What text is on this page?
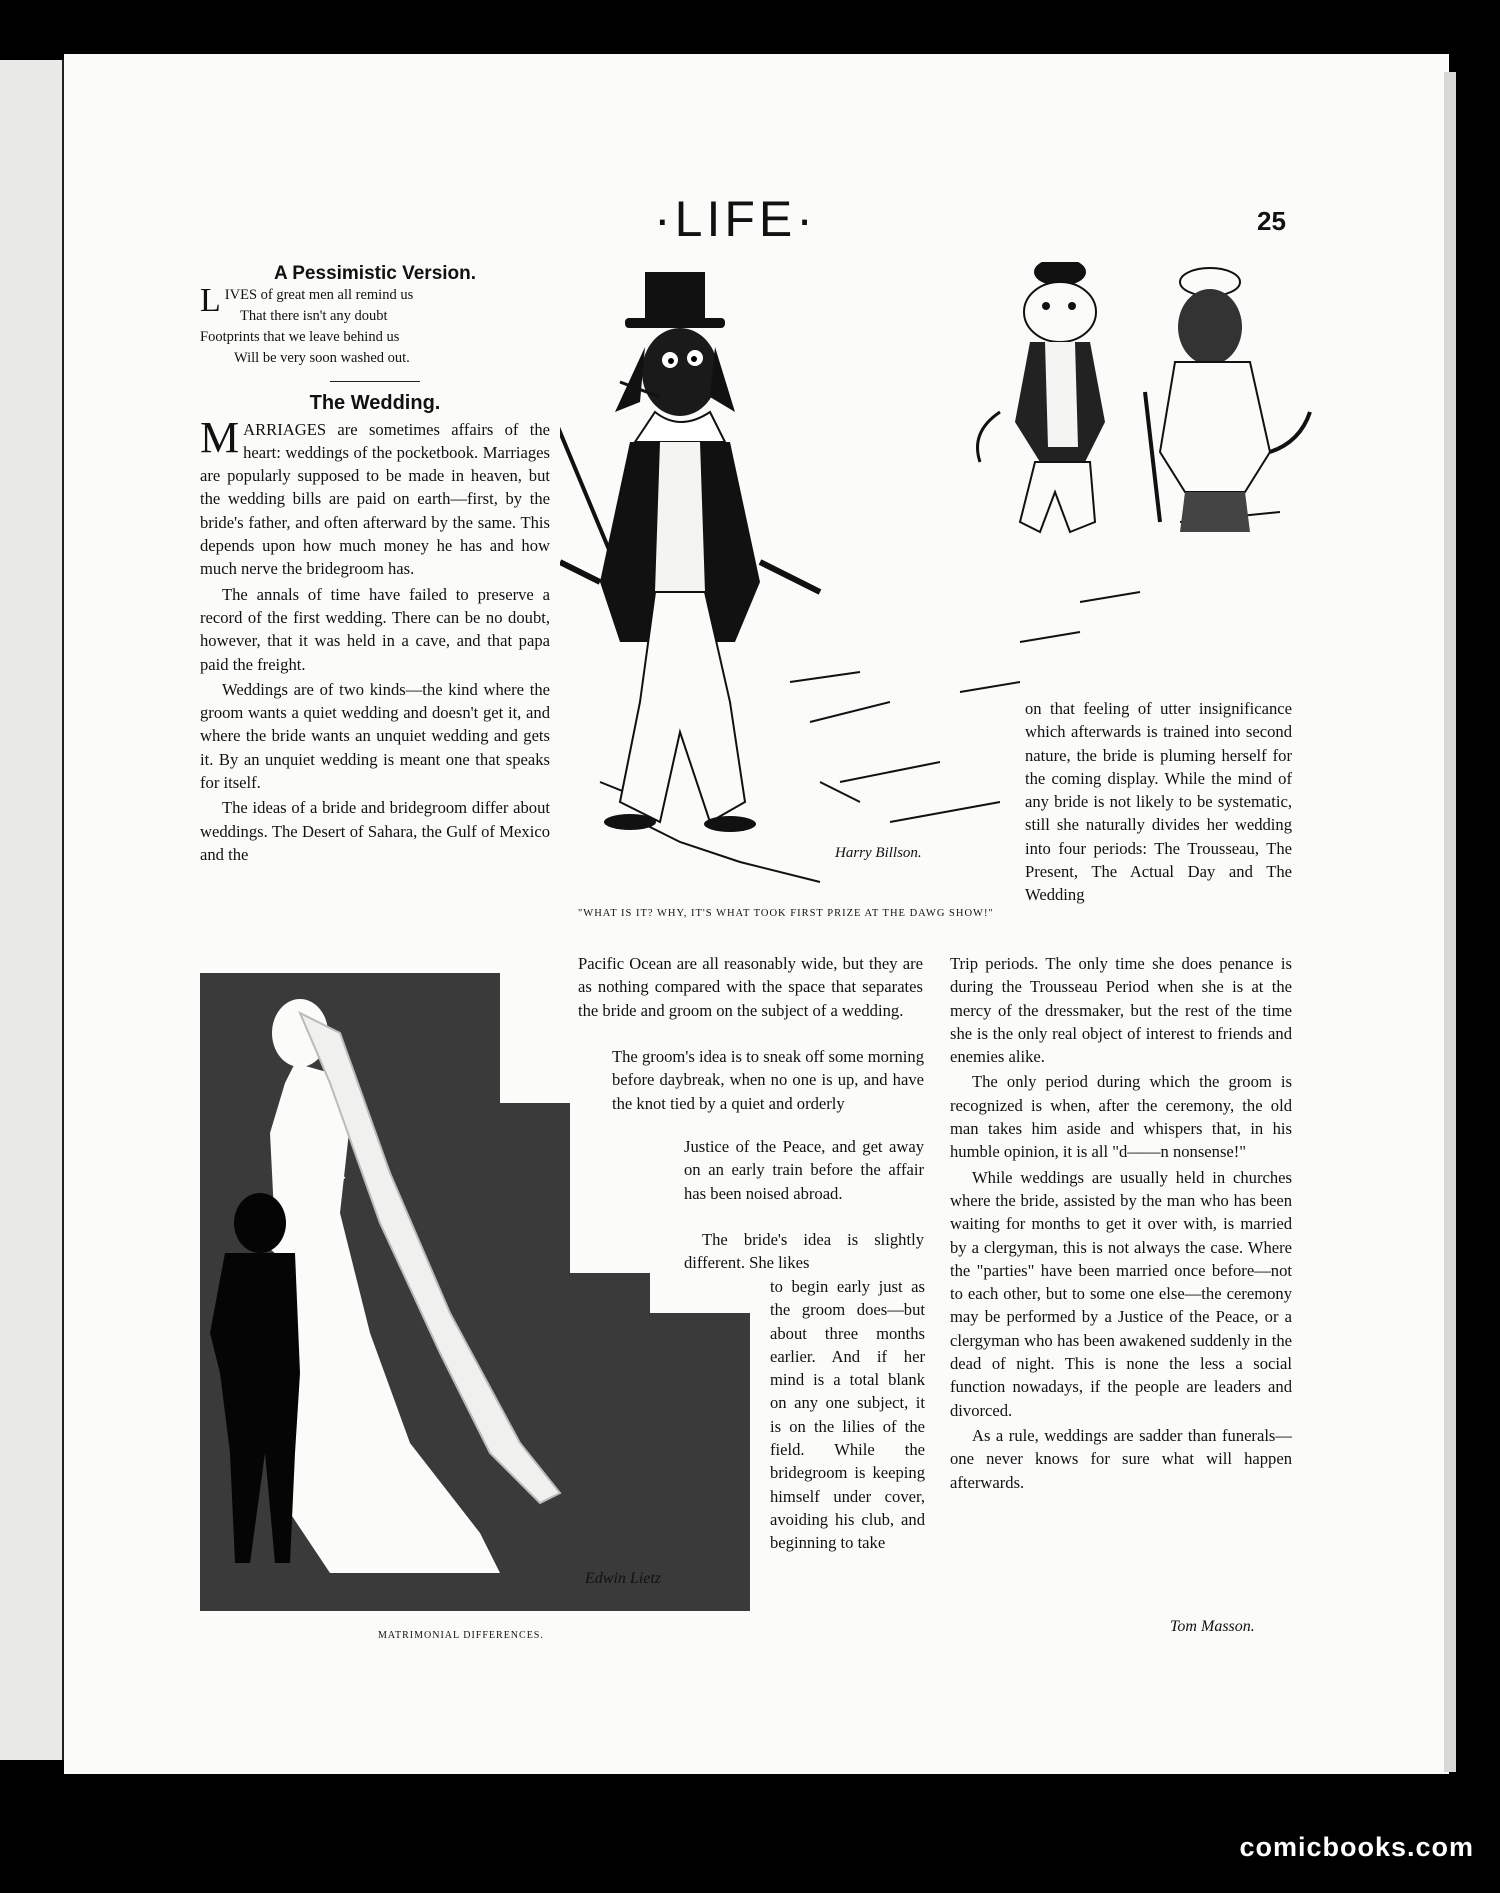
·LIFE·	25
A Pessimistic Version.
L IVES of great men all remind us
That there isn't any doubt
Footprints that we leave behind us
Will be very soon washed out.
The Wedding.

MARRIAGES are sometimes affairs of the heart: weddings of the pocketbook. Marriages are popularly supposed to be made in heaven, but the wedding bills are paid on earth—first, by the bride's father, and often afterward by the same. This depends upon how much money he has and how much nerve the bridegroom has.

The annals of time have failed to preserve a record of the first wedding. There can be no doubt, however, that it was held in a cave, and that papa paid the freight.

Weddings are of two kinds—the kind where the groom wants a quiet wedding and doesn't get it, and where the bride wants an unquiet wedding and gets it. By an unquiet wedding is meant one that speaks for itself.

The ideas of a bride and bridegroom differ about weddings. The Desert of Sahara, the Gulf of Mexico and the	Harry Billson.
"WHAT IS IT? WHY, IT'S WHAT TOOK FIRST PRIZE AT THE DAWG SHOW!"

on that feeling of utter insignificance which afterwards is trained into second nature, the bride is pluming herself for the coming display. While the mind of any bride is not likely to be systematic, still she naturally divides her wedding into four periods: The Trousseau, The Present, The Actual Day and The Wedding

Edwin Lietz
MATRIMONIAL DIFFERENCES.

Pacific Ocean are all reasonably wide, but they are as nothing compared with the space that separates the bride and groom on the subject of a wedding.

The groom's idea is to sneak off some morning before daybreak, when no one is up, and have the knot tied by a quiet and orderly

Justice of the Peace, and get away on an early train before the affair has been noised abroad.

The bride's idea is slightly different. She likes

to begin early just as the groom does—but about three months earlier. And if her mind is a total blank on any one subject, it is on the lilies of the field. While the bridegroom is keeping himself under cover, avoiding his club, and beginning to take

Trip periods. The only time she does penance is during the Trousseau Period when she is at the mercy of the dressmaker, but the rest of the time she is the only real object of interest to friends and enemies alike.

The only period during which the groom is recognized is when, after the ceremony, the old man takes him aside and whispers that, in his humble opinion, it is all "d——n nonsense!"

While weddings are usually held in churches where the bride, assisted by the man who has been waiting for months to get it over with, is married by a clergyman, this is not always the case. Where the "parties" have been married once before—not to each other, but to some one else—the ceremony may be performed by a Justice of the Peace, or a clergyman who has been awakened suddenly in the dead of night. This is none the less a social function nowadays, if the people are leaders and divorced.

As a rule, weddings are sadder than funerals—one never knows for sure what will happen afterwards.

Tom Masson.
comicbooks.com
